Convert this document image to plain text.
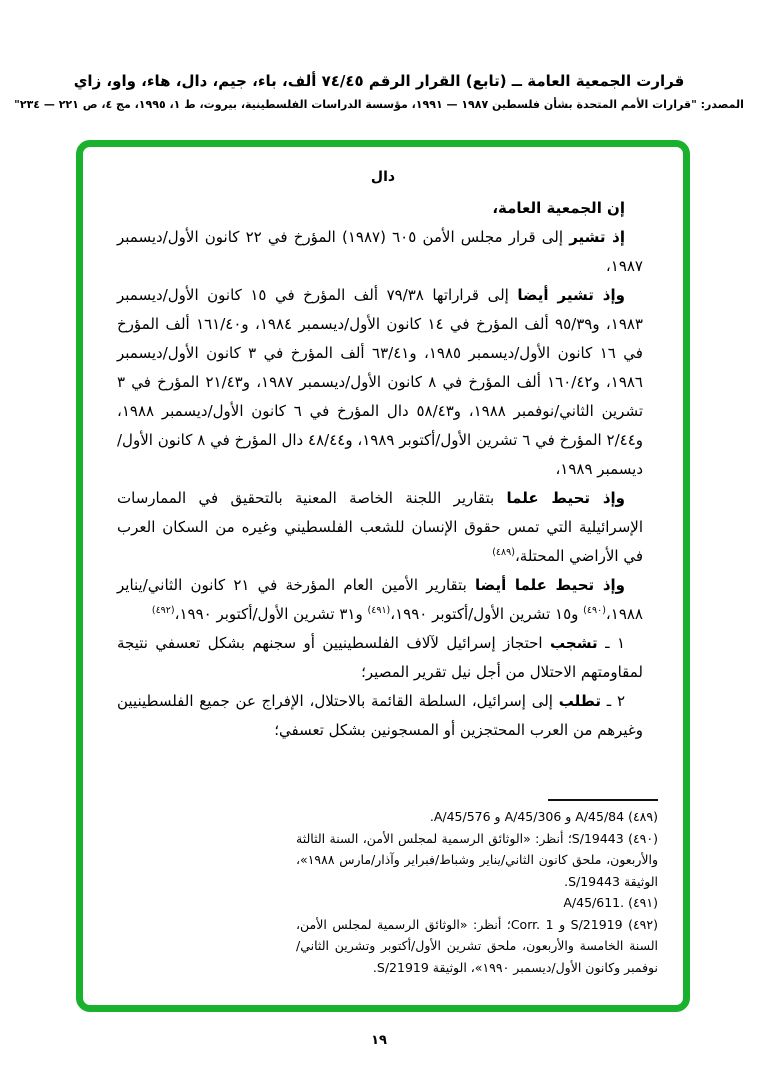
قرارت الجمعية العامة ــ (تابع) القرار الرقم ٧٤/٤٥ ألف، باء، جيم، دال، هاء، واو، زاي
المصدر: "قرارات الأمم المتحدة بشأن فلسطين ١٩٨٧ — ١٩٩١، مؤسسة الدراسات الفلسطينية، بيروت، ط ١، ١٩٩٥، مج ٤، ص ٢٢١ — ٢٣٤"
دال

إن الجمعية العامة،

إذ تشير إلى قرار مجلس الأمن ٦٠٥ (١٩٨٧) المؤرخ في ٢٢ كانون الأول/ديسمبر ١٩٨٧،

وإذ تشير أيضا إلى قراراتها ٧٩/٣٨ ألف المؤرخ في ١٥ كانون الأول/ديسمبر ١٩٨٣، و٩٥/٣٩ ألف المؤرخ في ١٤ كانون الأول/ديسمبر ١٩٨٤، و١٦١/٤٠ ألف المؤرخ في ١٦ كانون الأول/ديسمبر ١٩٨٥، و٦٣/٤١ ألف المؤرخ في ٣ كانون الأول/ديسمبر ١٩٨٦، و١٦٠/٤٢ ألف المؤرخ في ٨ كانون الأول/ديسمبر ١٩٨٧، و٢١/٤٣ المؤرخ في ٣ تشرين الثاني/نوفمبر ١٩٨٨، و٥٨/٤٣ دال المؤرخ في ٦ كانون الأول/ديسمبر ١٩٨٨، و٢/٤٤ المؤرخ في ٦ تشرين الأول/أكتوبر ١٩٨٩، و٤٨/٤٤ دال المؤرخ في ٨ كانون الأول/ديسمبر ١٩٨٩،

وإذ تحيط علما بتقارير اللجنة الخاصة المعنية بالتحقيق في الممارسات الإسرائيلية التي تمس حقوق الإنسان للشعب الفلسطيني وغيره من السكان العرب في الأراضي المحتلة،$^{(٤٨٩)}$

وإذ تحيط علما أيضا بتقارير الأمين العام المؤرخة في ٢١ كانون الثاني/يناير ١٩٨٨،$^{(٤٩٠)}$ و١٥ تشرين الأول/أكتوبر ١٩٩٠،$^{(٤٩١)}$ و٣١ تشرين الأول/أكتوبر ١٩٩٠،$^{(٤٩٢)}$

١ ـ تشجب احتجاز إسرائيل لآلاف الفلسطينيين أو سجنهم بشكل تعسفي نتيجة لمقاومتهم الاحتلال من أجل نيل تقرير المصير؛

٢ ـ تطلب إلى إسرائيل، السلطة القائمة بالاحتلال، الإفراج عن جميع الفلسطينيين وغيرهم من العرب المحتجزين أو المسجونين بشكل تعسفي؛

(٤٨٩) A/45/84 و A/45/306 و A/45/576.
(٤٩٠) S/19443؛ أنظر: «الوثائق الرسمية لمجلس الأمن، السنة الثالثة والأربعون، ملحق كانون الثاني/يناير وشباط/فبراير وآذار/مارس ١٩٨٨»، الوثيقة S/19443.
(٤٩١) A/45/611.
(٤٩٢) S/21919 و Corr. 1؛ أنظر: «الوثائق الرسمية لمجلس الأمن، السنة الخامسة والأربعون، ملحق تشرين الأول/أكتوبر وتشرين الثاني/نوفمبر وكانون الأول/ديسمبر ١٩٩٠»، الوثيقة S/21919.
١٩
